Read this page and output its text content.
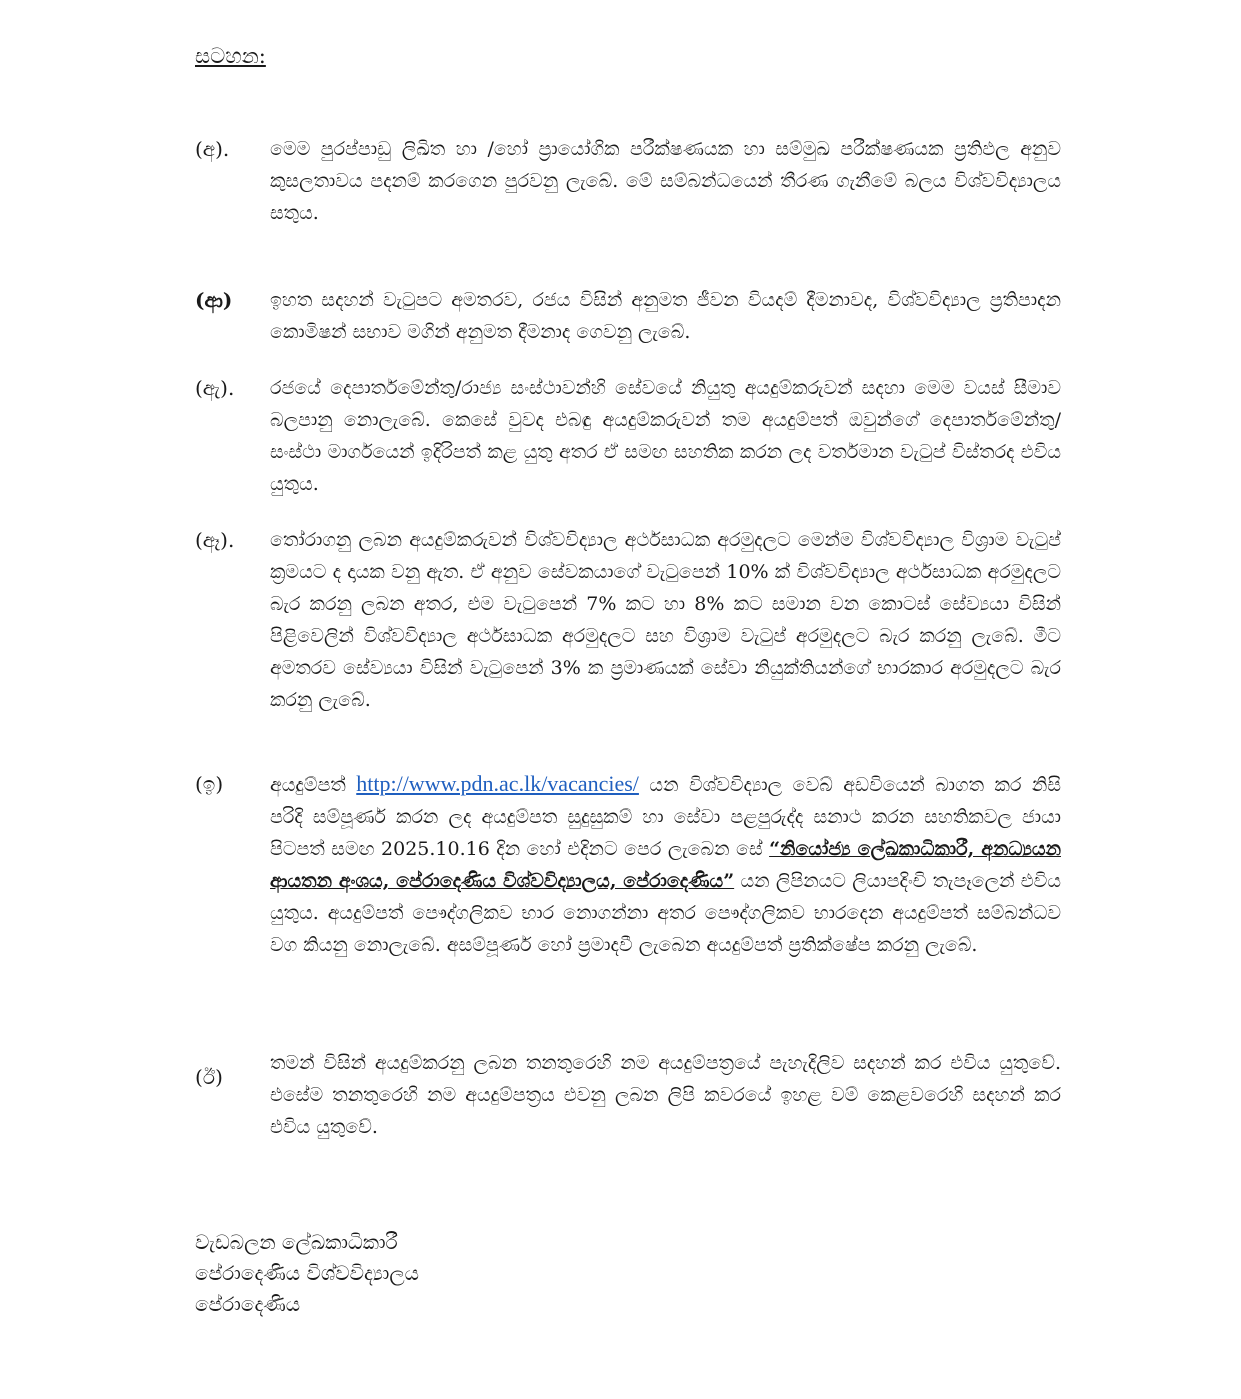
සටහන:
(අ).	මෙම පුරප්පාඩු ලිඛිත හා /හෝ ප්‍රායෝගික පරීක්ෂණයක හා සම්මුඛ පරීක්ෂණයක ප්‍රතිඵල අනුව කුසලතාවය පදනම් කරගෙන පුරවනු ලැබේ. මේ සම්බන්ධයෙන් තීරණ ගැනීමේ බලය විශ්වවිද්‍යාලය සතුය.
(ආ)	ඉහත සදහන් වැටුපට අමතරව, රජය විසින් අනුමත ජීවන වියදම් දීමනාවද, විශ්වවිද්‍යාල ප්‍රතිපාදන කොමිෂන් සභාව මගින් අනුමත දීමනාද ගෙවනු ලැබේ.
(ඇ).	රජයේ දෙපාර්තමේන්තු/රාජ්‍ය සංස්ථාවන්හි සේවයේ නියුතු අයදුම්කරුවන් සදහා මෙම වයස් සීමාව බලපානු නොලැබේ. කෙසේ වුවද එබඳු අයදුම්කරුවන් තම අයදුම්පත් ඔවුන්ගේ දෙපාර්තමේන්තු/සංස්ථා මාර්ගයෙන් ඉදිරිපත් කළ යුතු අතර ඒ සමඟ සහතික කරන ලද වර්තමාන වැටුප් විස්තරද එවිය යුතුය.
(ඈ).	තෝරාගනු ලබන අයදුම්කරුවන් විශ්වවිද්‍යාල අර්ථසාධක අරමුදලට මෙන්ම විශ්වවිද්‍යාල විශ්‍රාම වැටුප් ක්‍රමයට ද දායක වනු ඇත. ඒ අනුව සේවකයාගේ වැටුපෙන් 10% ක් විශ්වවිද්‍යාල අර්ථසාධක අරමුදලට බැර කරනු ලබන අතර, එම වැටුපෙන් 7% කට හා 8% කට සමාන වන කොටස් සේව්‍යයා විසින් පිළිවෙලින් විශ්වවිද්‍යාල අර්ථසාධක අරමුදලට සහ විශ්‍රාම වැටුප් අරමුදලට බැර කරනු ලැබේ. මීට අමතරව සේව්‍යයා විසින් වැටුපෙන් 3% ක ප්‍රමාණයක් සේවා නියුක්තියන්ගේ භාරකාර අරමුදලට බැර කරනු ලැබේ.
(ඉ)	අයදුම්පත් http://www.pdn.ac.lk/vacancies/ යන විශ්වවිද්‍යාල වෙබ් අඩවියෙන් බාගත කර නිසි පරිදි සම්පූර්ණ කරන ලද අයදුම්පත සුදුසුකම් හා සේවා පළපුරුද්ද සනාථ කරන සහතිකවල ජායා පිටපත් සමඟ 2025.10.16 දින හෝ එදිනට පෙර ලැබෙන සේ “නියෝජ්‍ය ලේඛකාධිකාරී, අනධ්‍යයන ආයතන අංශය, පේරාදෙණිය විශ්වවිද්‍යාලය, පේරාදෙණිය” යන ලිපිනයට ලියාපදිංචි තැපෑලෙන් එවිය යුතුය. අයදුම්පත් පෞද්ගලිකව භාර නොගන්නා අතර පෞද්ගලිකව භාරදෙන අයදුම්පත් සම්බන්ධව වග කියනු නොලැබේ. අසම්පූර්ණ හෝ ප්‍රමාදවී ලැබෙන අයදුම්පත් ප්‍රතික්ෂේප කරනු ලැබේ.
(ඊ)
තමන් විසින් අයදුම්කරනු ලබන තනතුරෙහි නම අයදුම්පත්‍රයේ පැහැදිලිව සදහන් කර එවිය යුතුවේ. එසේම තනතුරෙහි නම අයදුම්පත්‍රය එවනු ලබන ලිපි කවරයේ ඉහළ වම් කෙළවරෙහි සදහන් කර එවිය යුතුවේ.
වැඩබලන ලේඛකාධිකාරී
පේරාදෙණිය විශ්වවිද්‍යාලය
පේරාදෙණිය
